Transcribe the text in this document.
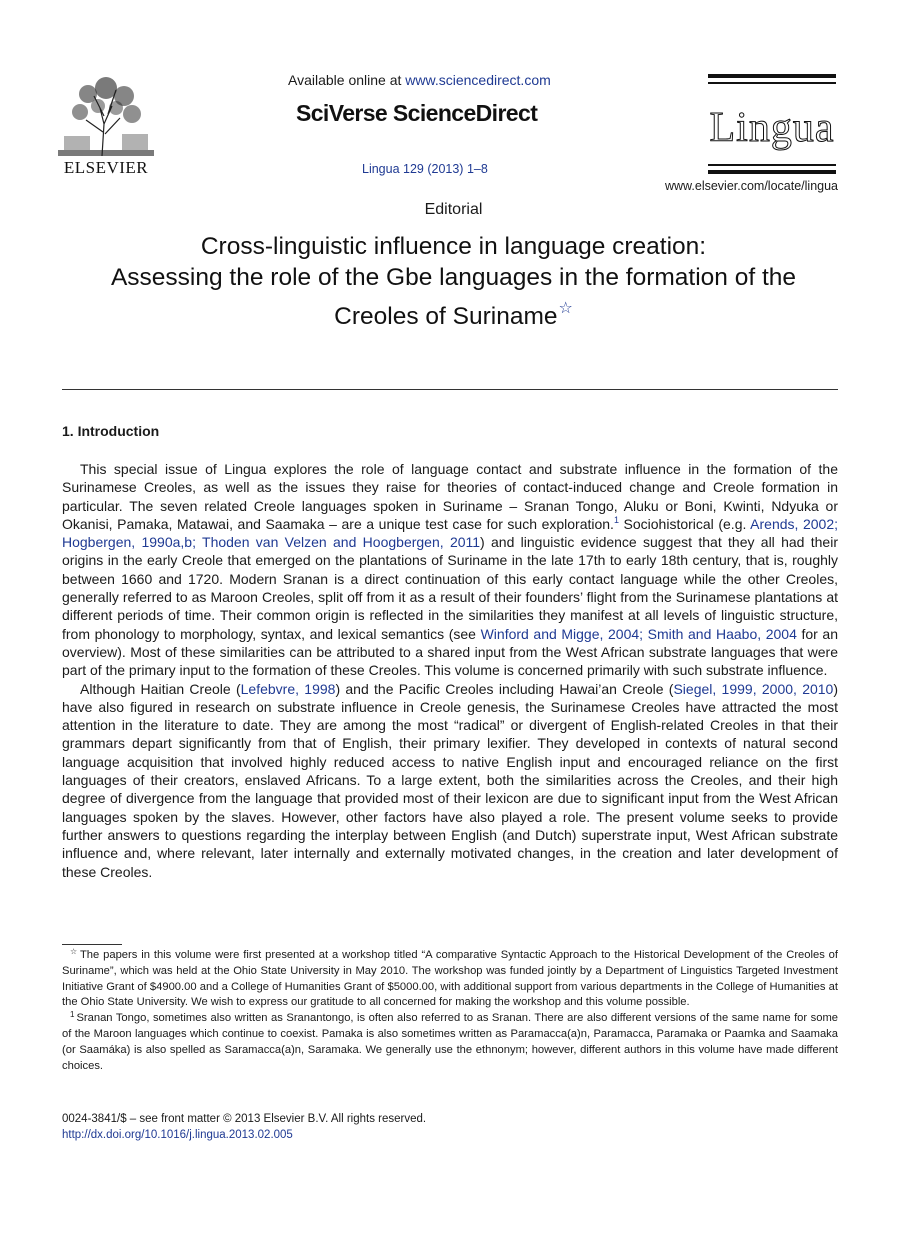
ELSEVIER
Available online at www.sciencedirect.com
SciVerse ScienceDirect
Lingua 129 (2013) 1–8
Lingua
www.elsevier.com/locate/lingua
Editorial
Cross-linguistic influence in language creation:
Assessing the role of the Gbe languages in the formation of the
Creoles of Suriname☆
1. Introduction

This special issue of Lingua explores the role of language contact and substrate influence in the formation of the Surinamese Creoles, as well as the issues they raise for theories of contact-induced change and Creole formation in particular. The seven related Creole languages spoken in Suriname – Sranan Tongo, Aluku or Boni, Kwinti, Ndyuka or Okanisi, Pamaka, Matawai, and Saamaka – are a unique test case for such exploration.$^1$ Sociohistorical (e.g. Arends, 2002; Hogbergen, 1990a,b; Thoden van Velzen and Hoogbergen, 2011) and linguistic evidence suggest that they all had their origins in the early Creole that emerged on the plantations of Suriname in the late 17th to early 18th century, that is, roughly between 1660 and 1720. Modern Sranan is a direct continuation of this early contact language while the other Creoles, generally referred to as Maroon Creoles, split off from it as a result of their founders’ flight from the Surinamese plantations at different periods of time. Their common origin is reflected in the similarities they manifest at all levels of linguistic structure, from phonology to morphology, syntax, and lexical semantics (see Winford and Migge, 2004; Smith and Haabo, 2004 for an overview). Most of these similarities can be attributed to a shared input from the West African substrate languages that were part of the primary input to the formation of these Creoles. This volume is concerned primarily with such substrate influence.

Although Haitian Creole (Lefebvre, 1998) and the Pacific Creoles including Hawai’an Creole (Siegel, 1999, 2000, 2010) have also figured in research on substrate influence in Creole genesis, the Surinamese Creoles have attracted the most attention in the literature to date. They are among the most “radical” or divergent of English-related Creoles in that their grammars depart significantly from that of English, their primary lexifier. They developed in contexts of natural second language acquisition that involved highly reduced access to native English input and encouraged reliance on the first languages of their creators, enslaved Africans. To a large extent, both the similarities across the Creoles, and their high degree of divergence from the language that provided most of their lexicon are due to significant input from the West African languages spoken by the slaves. However, other factors have also played a role. The present volume seeks to provide further answers to questions regarding the interplay between English (and Dutch) superstrate input, West African substrate influence and, where relevant, later internally and externally motivated changes, in the creation and later development of these Creoles.

☆ The papers in this volume were first presented at a workshop titled “A comparative Syntactic Approach to the Historical Development of the Creoles of Suriname”, which was held at the Ohio State University in May 2010. The workshop was funded jointly by a Department of Linguistics Targeted Investment Initiative Grant of $4900.00 and a College of Humanities Grant of $5000.00, with additional support from various departments in the College of Humanities at the Ohio State University. We wish to express our gratitude to all concerned for making the workshop and this volume possible.

$^1$ Sranan Tongo, sometimes also written as Sranantongo, is often also referred to as Sranan. There are also different versions of the same name for some of the Maroon languages which continue to coexist. Pamaka is also sometimes written as Paramacca(a)n, Paramacca, Paramaka or Paamka and Saamaka (or Saamáka) is also spelled as Saramacca(a)n, Saramaka. We generally use the ethnonym; however, different authors in this volume have made different choices.

0024-3841/$ – see front matter © 2013 Elsevier B.V. All rights reserved.
http://dx.doi.org/10.1016/j.lingua.2013.02.005
